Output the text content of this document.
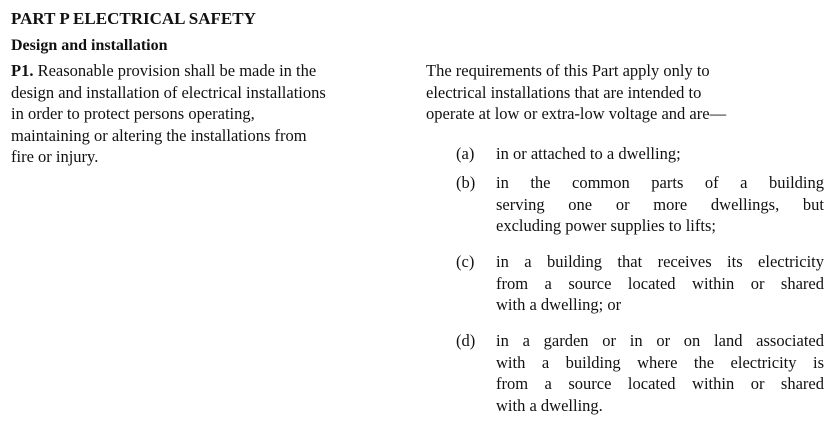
PART P ELECTRICAL SAFETY
Design and installation
P1. Reasonable provision shall be made in the
design and installation of electrical installations
in order to protect persons operating,
maintaining or altering the installations from
fire or injury.
The requirements of this Part apply only to
electrical installations that are intended to
operate at low or extra-low voltage and are—
(a)	in or attached to a dwelling;
(b)	in the common parts of a building
serving one or more dwellings, but
excluding power supplies to lifts;
(c)	in a building that receives its electricity
from a source located within or shared
with a dwelling; or
(d)	in a garden or in or on land associated
with a building where the electricity is
from a source located within or shared
with a dwelling.
